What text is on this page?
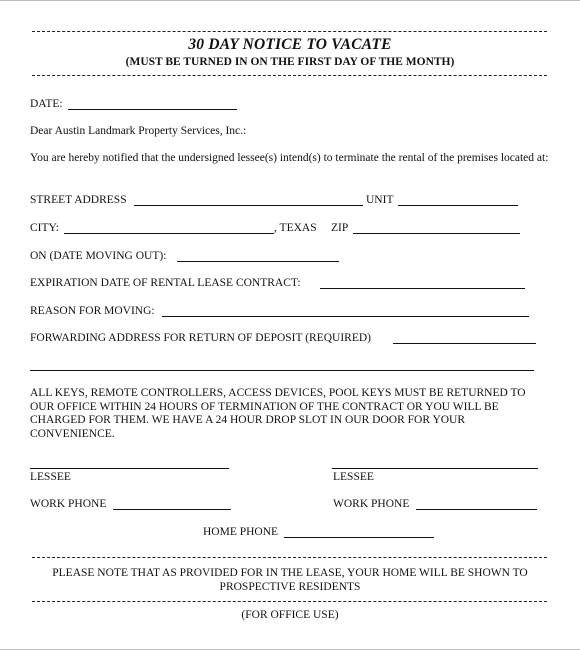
30 DAY NOTICE TO VACATE
(MUST BE TURNED IN ON THE FIRST DAY OF THE MONTH)
DATE:
Dear Austin Landmark Property Services, Inc.:
You are hereby notified that the undersigned lessee(s) intend(s) to terminate the rental of the premises located at:
STREET ADDRESS	UNIT
CITY:	, TEXAS ZIP
ON (DATE MOVING OUT):
EXPIRATION DATE OF RENTAL LEASE CONTRACT:
REASON FOR MOVING:
FORWARDING ADDRESS FOR RETURN OF DEPOSIT (REQUIRED)
ALL KEYS, REMOTE CONTROLLERS, ACCESS DEVICES, POOL KEYS MUST BE RETURNED TO OUR OFFICE WITHIN 24 HOURS OF TERMINATION OF THE CONTRACT OR YOU WILL BE CHARGED FOR THEM. WE HAVE A 24 HOUR DROP SLOT IN OUR DOOR FOR YOUR CONVENIENCE.
LESSEE	LESSEE
WORK PHONE	WORK PHONE
HOME PHONE
PLEASE NOTE THAT AS PROVIDED FOR IN THE LEASE, YOUR HOME WILL BE SHOWN TO PROSPECTIVE RESIDENTS
(FOR OFFICE USE)
